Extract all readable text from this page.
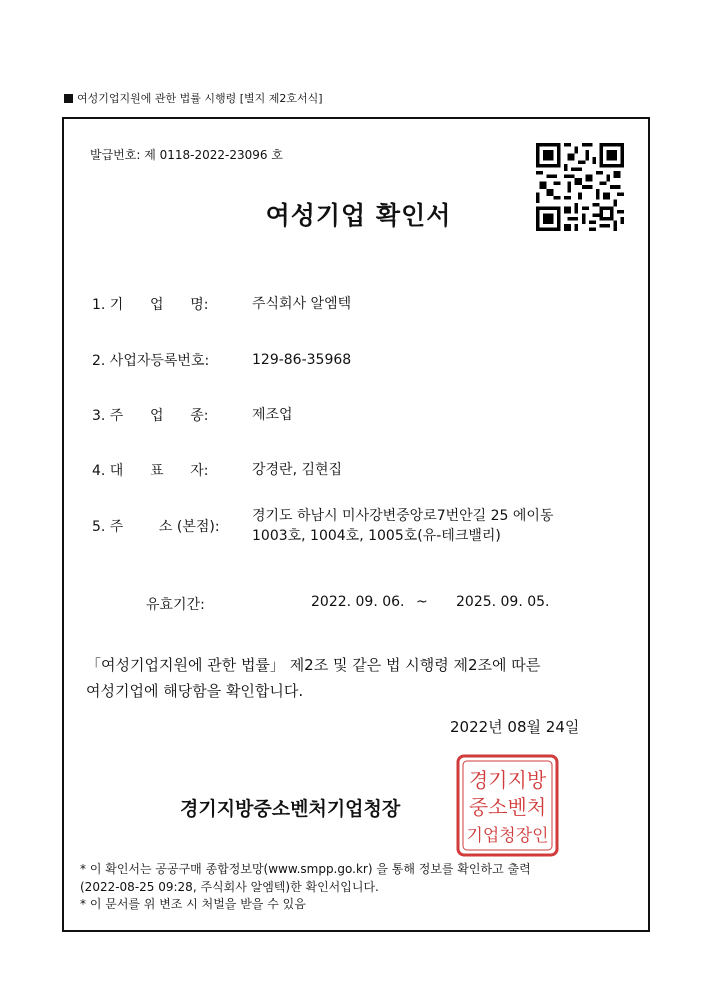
여성기업지원에 관한 법률 시행령 [별지 제2호서식]
발급번호: 제 0118-2022-23096 호
여성기업 확인서
1. 기      업      명:	주식회사 알엠텍
2. 사업자등록번호:	129-86-35968
3. 주      업      종:	제조업
4. 대      표      자:	강경란, 김현집
5. 주        소 (본점):
경기도 하남시 미사강변중앙로7번안길 25 에이동
1003호, 1004호, 1005호(유-테크밸리)
유효기간:	2022. 09. 06. ~ 2025. 09. 05.
「여성기업지원에 관한 법률」 제2조 및 같은 법 시행령 제2조에 따른
여성기업에 해당함을 확인합니다.
2022년 08월 24일
경기지방중소벤처기업청장
경기지방
중소벤처
기업청장인
* 이 확인서는 공공구매 종합정보망(www.smpp.go.kr) 을 통해 정보를 확인하고 출력
(2022-08-25 09:28, 주식회사 알엠텍)한 확인서입니다.
* 이 문서를 위 변조 시 처벌을 받을 수 있음
